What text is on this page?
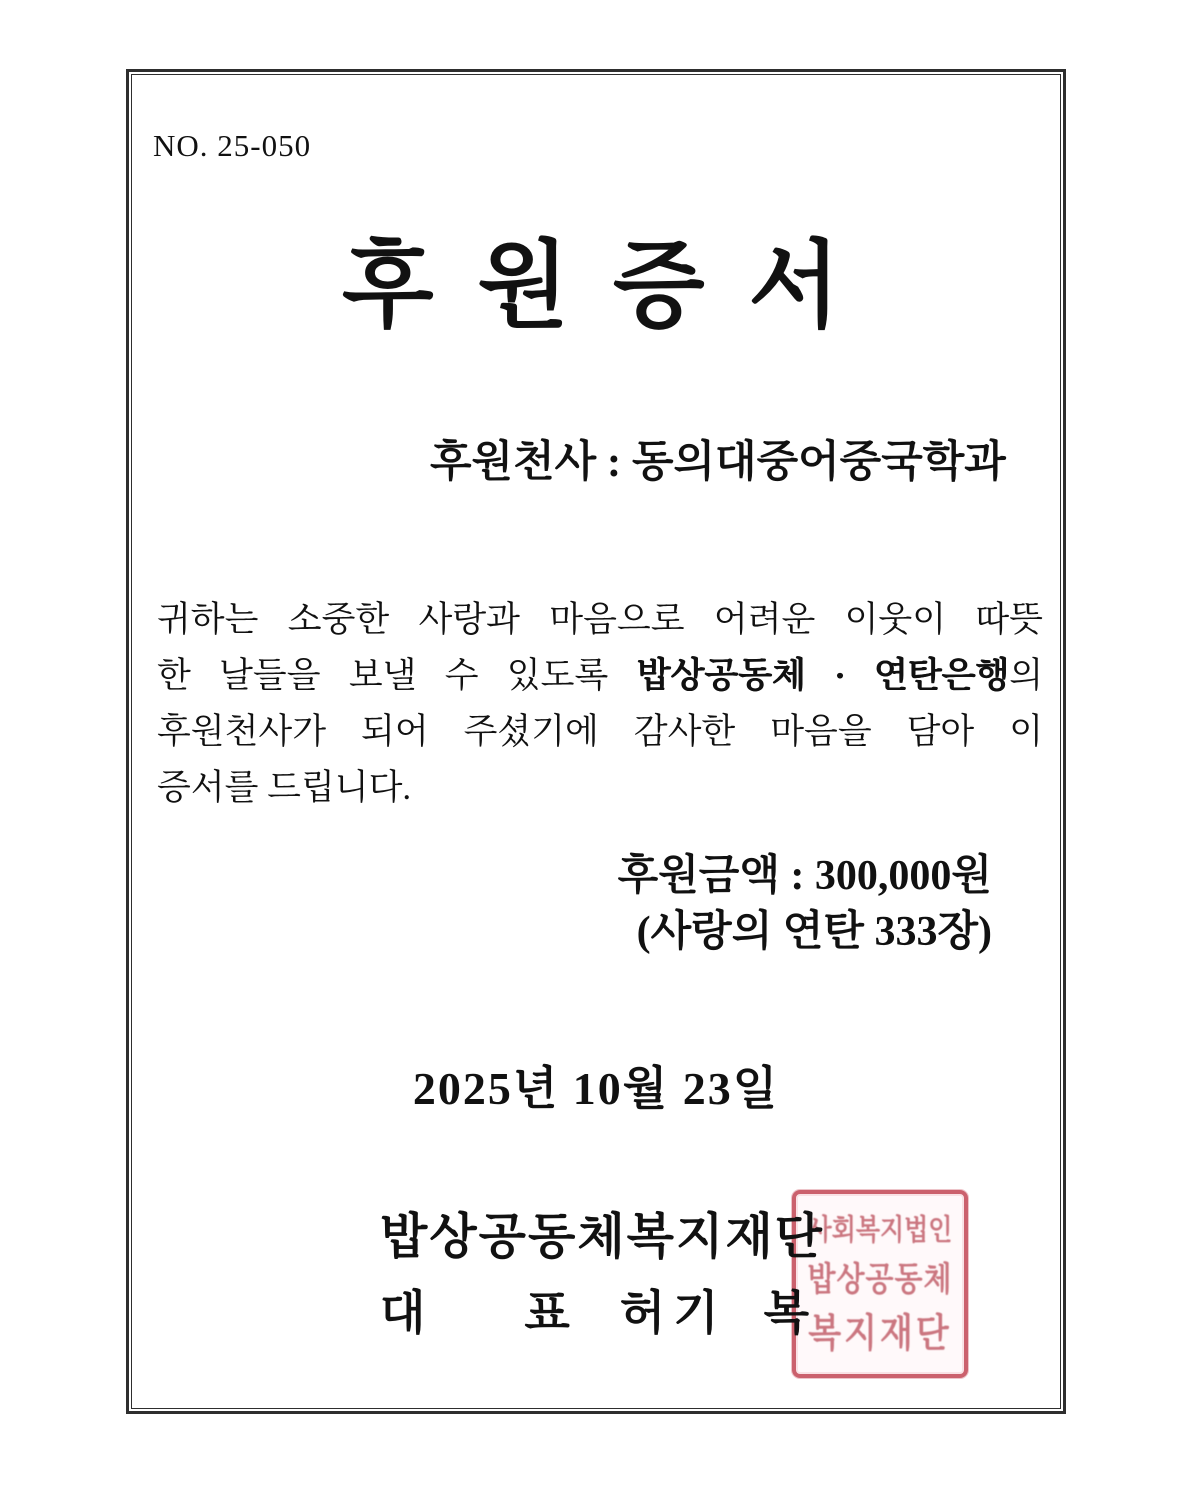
NO. 25-050
후 원 증 서
후원천사 : 동의대중어중국학과
귀하는 소중한 사랑과 마음으로 어려운 이웃이 따뜻
한 날들을 보낼 수 있도록 밥상공동체 · 연탄은행의
후원천사가 되어 주셨기에 감사한 마음을 담아 이
증서를 드립니다.
후원금액 : 300,000원
(사랑의 연탄 333장)
2025년 10월 23일
밥상공동체복지재단
대 표 허 기 복
사회복지법인
밥상공동체
복지재단
